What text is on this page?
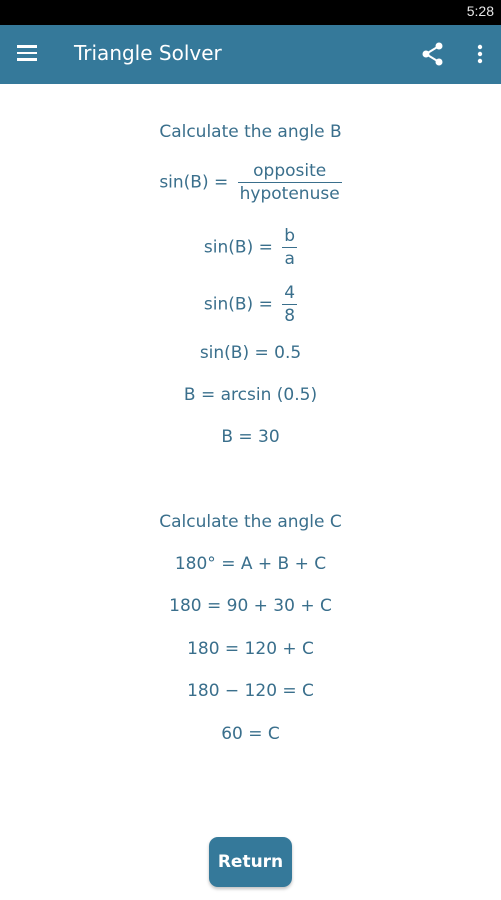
5:28
Triangle Solver
Calculate the angle B
$\sin(B) = \frac{\text{opposite}}{\text{hypotenuse}}$
$\sin(B) = \frac{b}{a}$
$\sin(B) = \frac{4}{8}$
sin(B) = 0.5
B = arcsin (0.5)
B = 30
Calculate the angle C
180° = A + B + C
180 = 90 + 30 + C
180 = 120 + C
180 − 120 = C
60 = C
Return
